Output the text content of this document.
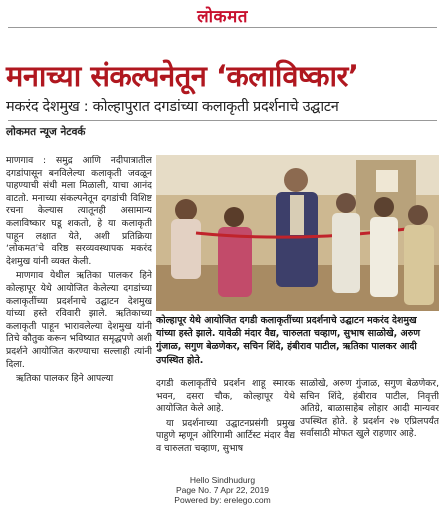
लोकमत
मनाच्या संकल्पनेतून ‘कलाविष्कार’
मकरंद देशमुख : कोल्हापुरात दगडांच्या कलाकृती प्रदर्शनाचे उद्घाटन
लोकमत न्यूज नेटवर्क

माणगाव : समुद्र आणि नदीपात्रातील दगडांपासून बनविलेल्या कलाकृती जवळून पाहण्याची संधी मला मिळाली, याचा आनंद वाटतो. मनाच्या संकल्पनेतून दगडांची विशिष्ट रचना केल्यास त्यातूनही असामान्य कलाविष्कार घडू शकतो, हे या कलाकृती पाहून लक्षात येते, अशी प्रतिक्रिया ‘लोकमत’चे वरिष्ठ सरव्यवस्थापक मकरंद देशमुख यांनी व्यक्त केली.

माणगाव येथील ऋतिका पालकर हिने कोल्हापूर येथे आयोजित केलेल्या दगडांच्या कलाकृतींच्या प्रदर्शनाचे उद्घाटन देशमुख यांच्या हस्ते रविवारी झाले. ऋतिकाच्या कलाकृती पाहून भारावलेल्या देशमुख यांनी तिचे कौतुक करून भविष्यात समृद्धपणे अशी प्रदर्शने आयोजित करण्याचा सल्लाही त्यांनी दिला.

ऋतिका पालकर हिने आपल्या

कोल्हापूर येथे आयोजित दगडी कलाकृतींच्या प्रदर्शनाचे उद्घाटन मकरंद देशमुख यांच्या हस्ते झाले. यावेळी मंदार वैद्य, चारुलता चव्हाण, सुभाष साळोखे, अरुण गुंजाळ, सगुण बेळणेकर, सचिन शिंदे, हंबीराव पाटील, ऋतिका पालकर आदी उपस्थित होते.

दगडी कलाकृतींचे प्रदर्शन शाहू स्मारक भवन, दसरा चौक, कोल्हापूर येथे आयोजित केले आहे.

या प्रदर्शनाच्या उद्घाटनप्रसंगी प्रमुख पाहुणे म्हणून ओरिगामी आर्टिस्ट मंदार वैद्य व चारुलता चव्हाण, सुभाष

साळोखे, अरुण गुंजाळ, सगुण बेळणेकर, सचिन शिंदे, हंबीराव पाटील, निवृत्ती अतिग्रे, बाळासाहेब लोहार आदी मान्यवर उपस्थित होते. हे प्रदर्शन २७ एप्रिलपर्यंत सर्वासाठी मोफत खुले राहणार आहे.

Hello Sindhudurg
Page No. 7 Apr 22, 2019
Powered by: erelego.com
